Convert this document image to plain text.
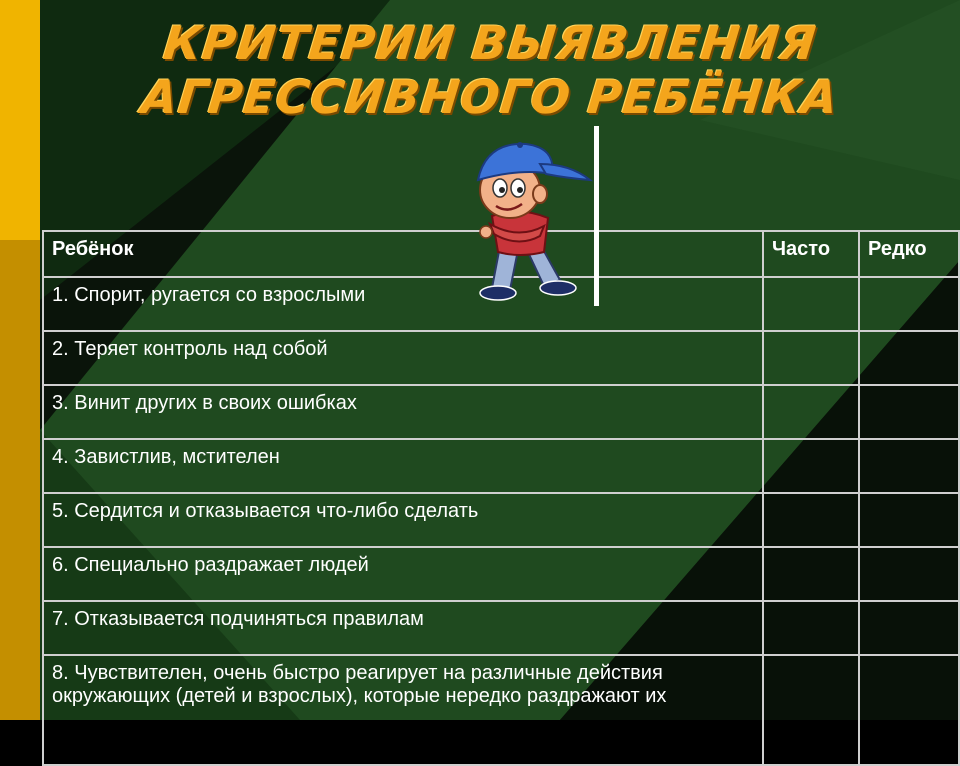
КРИТЕРИИ ВЫЯВЛЕНИЯ
АГРЕССИВНОГО РЕБЁНКА
Ребёнок	Часто	Редко
1. Спорит, ругается со взрослыми		
2. Теряет контроль над собой		
3. Винит других в своих ошибках		
4. Завистлив, мстителен		
5. Сердится и отказывается что-либо сделать		
6. Специально раздражает людей		
7. Отказывается подчиняться правилам		
8. Чувствителен, очень быстро реагирует на различные действия окружающих (детей и взрослых), которые нередко раздражают их		
